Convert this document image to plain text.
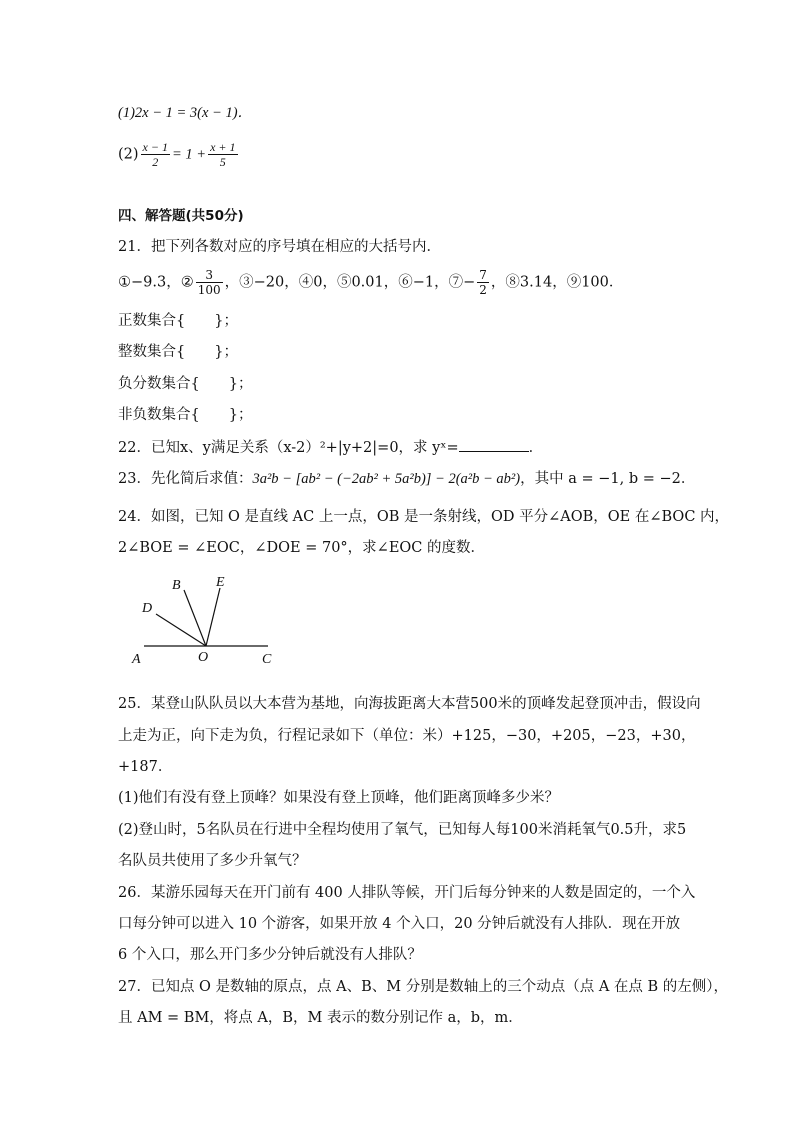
(1)2x − 1 = 3(x − 1)．
$(2) \frac{x - 1}{2} = 1 + \frac{x + 1}{5}$
四、解答题(共50分)
21．把下列各数对应的序号填在相应的大括号内．
①−9.3，② $\frac{3}{100}$ ，③−20，④0，⑤0.01，⑥−1，⑦− $\frac{7}{2}$ ，⑧3.14，⑨100．
正数集合{　　}；
整数集合{　　}；
负分数集合{　　}；
非负数集合{　　}；
22．已知x、y满足关系（x-2）²+|y+2|=0，求 yˣ=	．
23．先化简后求值：3a²b − [ab² − (−2ab² + 5a²b)] − 2(a²b − ab²)，其中 a = −1, b = −2．
24．如图，已知 O 是直线 AC 上一点，OB 是一条射线，OD 平分∠AOB，OE 在∠BOC 内，
2∠BOE = ∠EOC，∠DOE = 70°，求∠EOC 的度数．
A	O	C
D
B	E
25．某登山队队员以大本营为基地，向海拔距离大本营500米的顶峰发起登顶冲击，假设向
上走为正，向下走为负，行程记录如下（单位：米）+125，−30，+205，−23，+30，
+187．
(1)他们有没有登上顶峰？如果没有登上顶峰，他们距离顶峰多少米？
(2)登山时，5名队员在行进中全程均使用了氧气，已知每人每100米消耗氧气0.5升，求5
名队员共使用了多少升氧气？
26．某游乐园每天在开门前有 400 人排队等候，开门后每分钟来的人数是固定的，一个入
口每分钟可以进入 10 个游客，如果开放 4 个入口，20 分钟后就没有人排队．现在开放
6 个入口，那么开门多少分钟后就没有人排队？
27．已知点 O 是数轴的原点，点 A、B、M 分别是数轴上的三个动点（点 A 在点 B 的左侧），
且 AM = BM，将点 A，B，M 表示的数分别记作 a，b，m．
